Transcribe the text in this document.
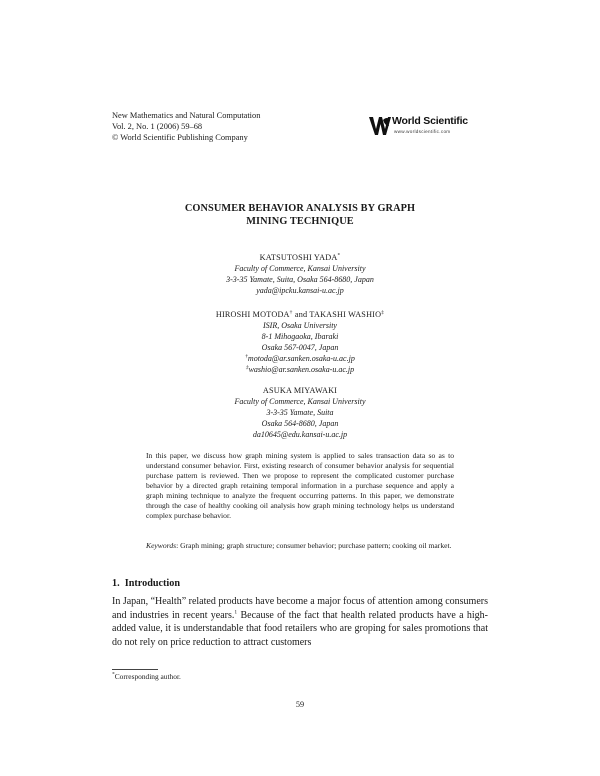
New Mathematics and Natural Computation
Vol. 2, No. 1 (2006) 59–68
© World Scientific Publishing Company
World Scientific
www.worldscientific.com
CONSUMER BEHAVIOR ANALYSIS BY GRAPH
MINING TECHNIQUE
KATSUTOSHI YADA*
Faculty of Commerce, Kansai University
3-3-35 Yamate, Suita, Osaka 564-8680, Japan
yada@ipcku.kansai-u.ac.jp
HIROSHI MOTODA† and TAKASHI WASHIO‡
ISIR, Osaka University
8-1 Mihogaoka, Ibaraki
Osaka 567-0047, Japan
†motoda@ar.sanken.osaka-u.ac.jp
‡washio@ar.sanken.osaka-u.ac.jp
ASUKA MIYAWAKI
Faculty of Commerce, Kansai University
3-3-35 Yamate, Suita
Osaka 564-8680, Japan
da10645@edu.kansai-u.ac.jp
In this paper, we discuss how graph mining system is applied to sales transaction data so as to understand consumer behavior. First, existing research of consumer behavior analysis for sequential purchase pattern is reviewed. Then we propose to represent the complicated customer purchase behavior by a directed graph retaining temporal information in a purchase sequence and apply a graph mining technique to analyze the frequent occurring patterns. In this paper, we demonstrate through the case of healthy cooking oil analysis how graph mining technology helps us understand complex purchase behavior.
Keywords: Graph mining; graph structure; consumer behavior; purchase pattern; cooking oil market.
1. Introduction
In Japan, “Health” related products have become a major focus of attention among consumers and industries in recent years.$^1$ Because of the fact that health related products have a high-added value, it is understandable that food retailers who are groping for sales promotions that do not rely on price reduction to attract customers
*Corresponding author.
59
